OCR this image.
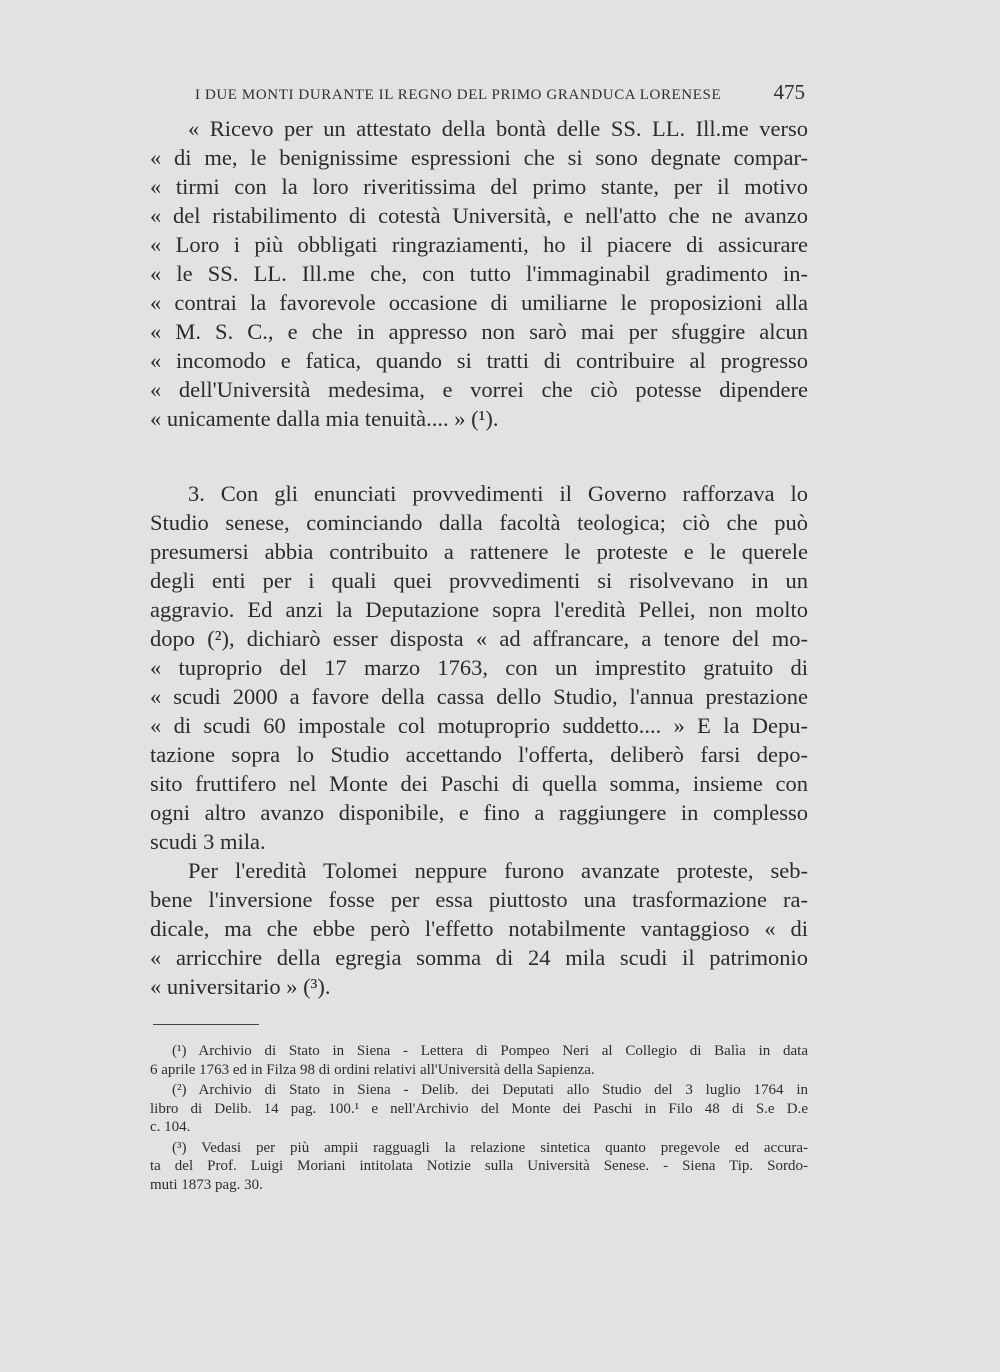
I DUE MONTI DURANTE IL REGNO DEL PRIMO GRANDUCA LORENESE 475
« Ricevo per un attestato della bontà delle SS. LL. Ill.me verso
« di me, le benignissime espressioni che si sono degnate compar-
« tirmi con la loro riveritissima del primo stante, per il motivo
« del ristabilimento di cotestà Università, e nell'atto che ne avanzo
« Loro i più obbligati ringraziamenti, ho il piacere di assicurare
« le SS. LL. Ill.me che, con tutto l'immaginabil gradimento in-
« contrai la favorevole occasione di umiliarne le proposizioni alla
« M. S. C., e che in appresso non sarò mai per sfuggire alcun
« incomodo e fatica, quando si tratti di contribuire al progresso
« dell'Università medesima, e vorrei che ciò potesse dipendere
« unicamente dalla mia tenuità.... » (¹).
3. Con gli enunciati provvedimenti il Governo rafforzava lo
Studio senese, cominciando dalla facoltà teologica; ciò che può
presumersi abbia contribuito a rattenere le proteste e le querele
degli enti per i quali quei provvedimenti si risolvevano in un
aggravio. Ed anzi la Deputazione sopra l'eredità Pellei, non molto
dopo (²), dichiarò esser disposta « ad affrancare, a tenore del mo-
« tuproprio del 17 marzo 1763, con un imprestito gratuito di
« scudi 2000 a favore della cassa dello Studio, l'annua prestazione
« di scudi 60 impostale col motuproprio suddetto.... » E la Depu-
tazione sopra lo Studio accettando l'offerta, deliberò farsi depo-
sito fruttifero nel Monte dei Paschi di quella somma, insieme con
ogni altro avanzo disponibile, e fino a raggiungere in complesso
scudi 3 mila.
Per l'eredità Tolomei neppure furono avanzate proteste, seb-
bene l'inversione fosse per essa piuttosto una trasformazione ra-
dicale, ma che ebbe però l'effetto notabilmente vantaggioso « di
« arricchire della egregia somma di 24 mila scudi il patrimonio
« universitario » (³).
(¹) Archivio di Stato in Siena - Lettera di Pompeo Neri al Collegio di Balìa in data
6 aprile 1763 ed in Filza 98 di ordini relativi all'Università della Sapienza.
(²) Archivio di Stato in Siena - Delib. dei Deputati allo Studio del 3 luglio 1764 in
libro di Delib. 14 pag. 100.¹ e nell'Archivio del Monte dei Paschi in Filo 48 di S.e D.e
c. 104.
(³) Vedasi per più ampii ragguagli la relazione sintetica quanto pregevole ed accura-
ta del Prof. Luigi Moriani intitolata Notizie sulla Università Senese. - Siena Tip. Sordo-
muti 1873 pag. 30.
